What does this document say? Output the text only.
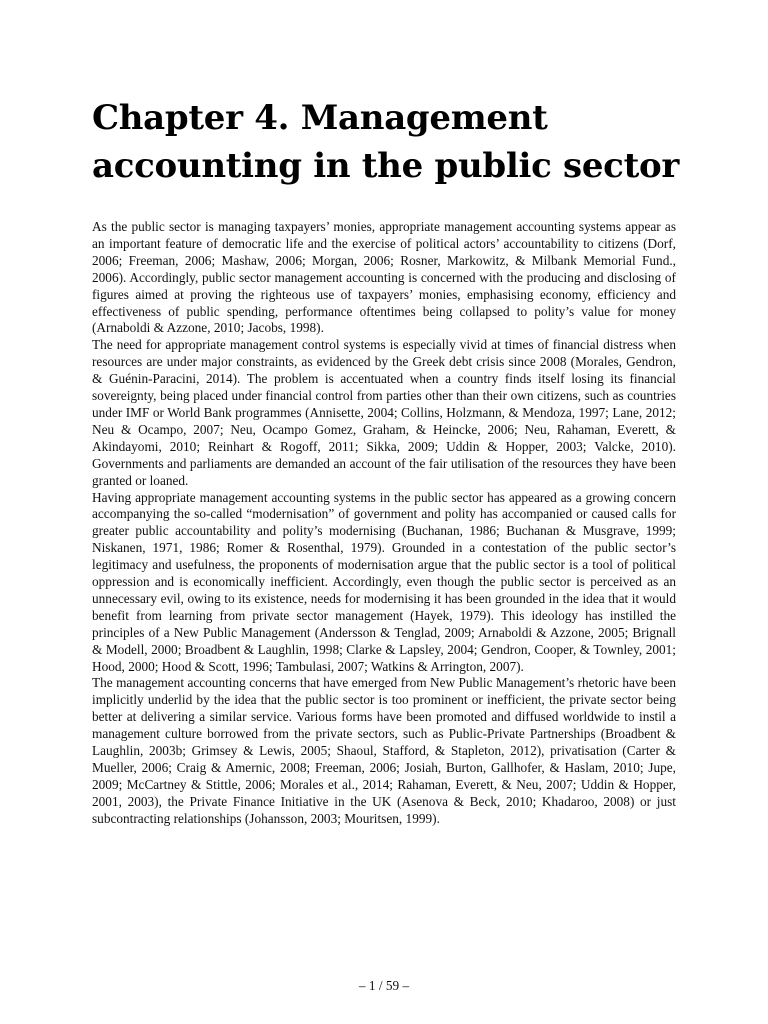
Chapter 4. Management accounting in the public sector

As the public sector is managing taxpayers’ monies, appropriate management accounting systems appear as an important feature of democratic life and the exercise of political actors’ accountability to citizens (Dorf, 2006; Freeman, 2006; Mashaw, 2006; Morgan, 2006; Rosner, Markowitz, & Milbank Memorial Fund., 2006). Accordingly, public sector management accounting is concerned with the producing and disclosing of figures aimed at proving the righteous use of taxpayers’ monies, emphasising economy, efficiency and effectiveness of public spending, performance oftentimes being collapsed to polity’s value for money (Arnaboldi & Azzone, 2010; Jacobs, 1998).

The need for appropriate management control systems is especially vivid at times of financial distress when resources are under major constraints, as evidenced by the Greek debt crisis since 2008 (Morales, Gendron, & Guénin-Paracini, 2014). The problem is accentuated when a country finds itself losing its financial sovereignty, being placed under financial control from parties other than their own citizens, such as countries under IMF or World Bank programmes (Annisette, 2004; Collins, Holzmann, & Mendoza, 1997; Lane, 2012; Neu & Ocampo, 2007; Neu, Ocampo Gomez, Graham, & Heincke, 2006; Neu, Rahaman, Everett, & Akindayomi, 2010; Reinhart & Rogoff, 2011; Sikka, 2009; Uddin & Hopper, 2003; Valcke, 2010). Governments and parliaments are demanded an account of the fair utilisation of the resources they have been granted or loaned.

Having appropriate management accounting systems in the public sector has appeared as a growing concern accompanying the so-called “modernisation” of government and polity has accompanied or caused calls for greater public accountability and polity’s modernising (Buchanan, 1986; Buchanan & Musgrave, 1999; Niskanen, 1971, 1986; Romer & Rosenthal, 1979). Grounded in a contestation of the public sector’s legitimacy and usefulness, the proponents of modernisation argue that the public sector is a tool of political oppression and is economically inefficient. Accordingly, even though the public sector is perceived as an unnecessary evil, owing to its existence, needs for modernising it has been grounded in the idea that it would benefit from learning from private sector management (Hayek, 1979). This ideology has instilled the principles of a New Public Management (Andersson & Tenglad, 2009; Arnaboldi & Azzone, 2005; Brignall & Modell, 2000; Broadbent & Laughlin, 1998; Clarke & Lapsley, 2004; Gendron, Cooper, & Townley, 2001; Hood, 2000; Hood & Scott, 1996; Tambulasi, 2007; Watkins & Arrington, 2007).

The management accounting concerns that have emerged from New Public Management’s rhetoric have been implicitly underlid by the idea that the public sector is too prominent or inefficient, the private sector being better at delivering a similar service. Various forms have been promoted and diffused worldwide to instil a management culture borrowed from the private sectors, such as Public-Private Partnerships (Broadbent & Laughlin, 2003b; Grimsey & Lewis, 2005; Shaoul, Stafford, & Stapleton, 2012), privatisation (Carter & Mueller, 2006; Craig & Amernic, 2008; Freeman, 2006; Josiah, Burton, Gallhofer, & Haslam, 2010; Jupe, 2009; McCartney & Stittle, 2006; Morales et al., 2014; Rahaman, Everett, & Neu, 2007; Uddin & Hopper, 2001, 2003), the Private Finance Initiative in the UK (Asenova & Beck, 2010; Khadaroo, 2008) or just subcontracting relationships (Johansson, 2003; Mouritsen, 1999).

– 1 / 59 –
